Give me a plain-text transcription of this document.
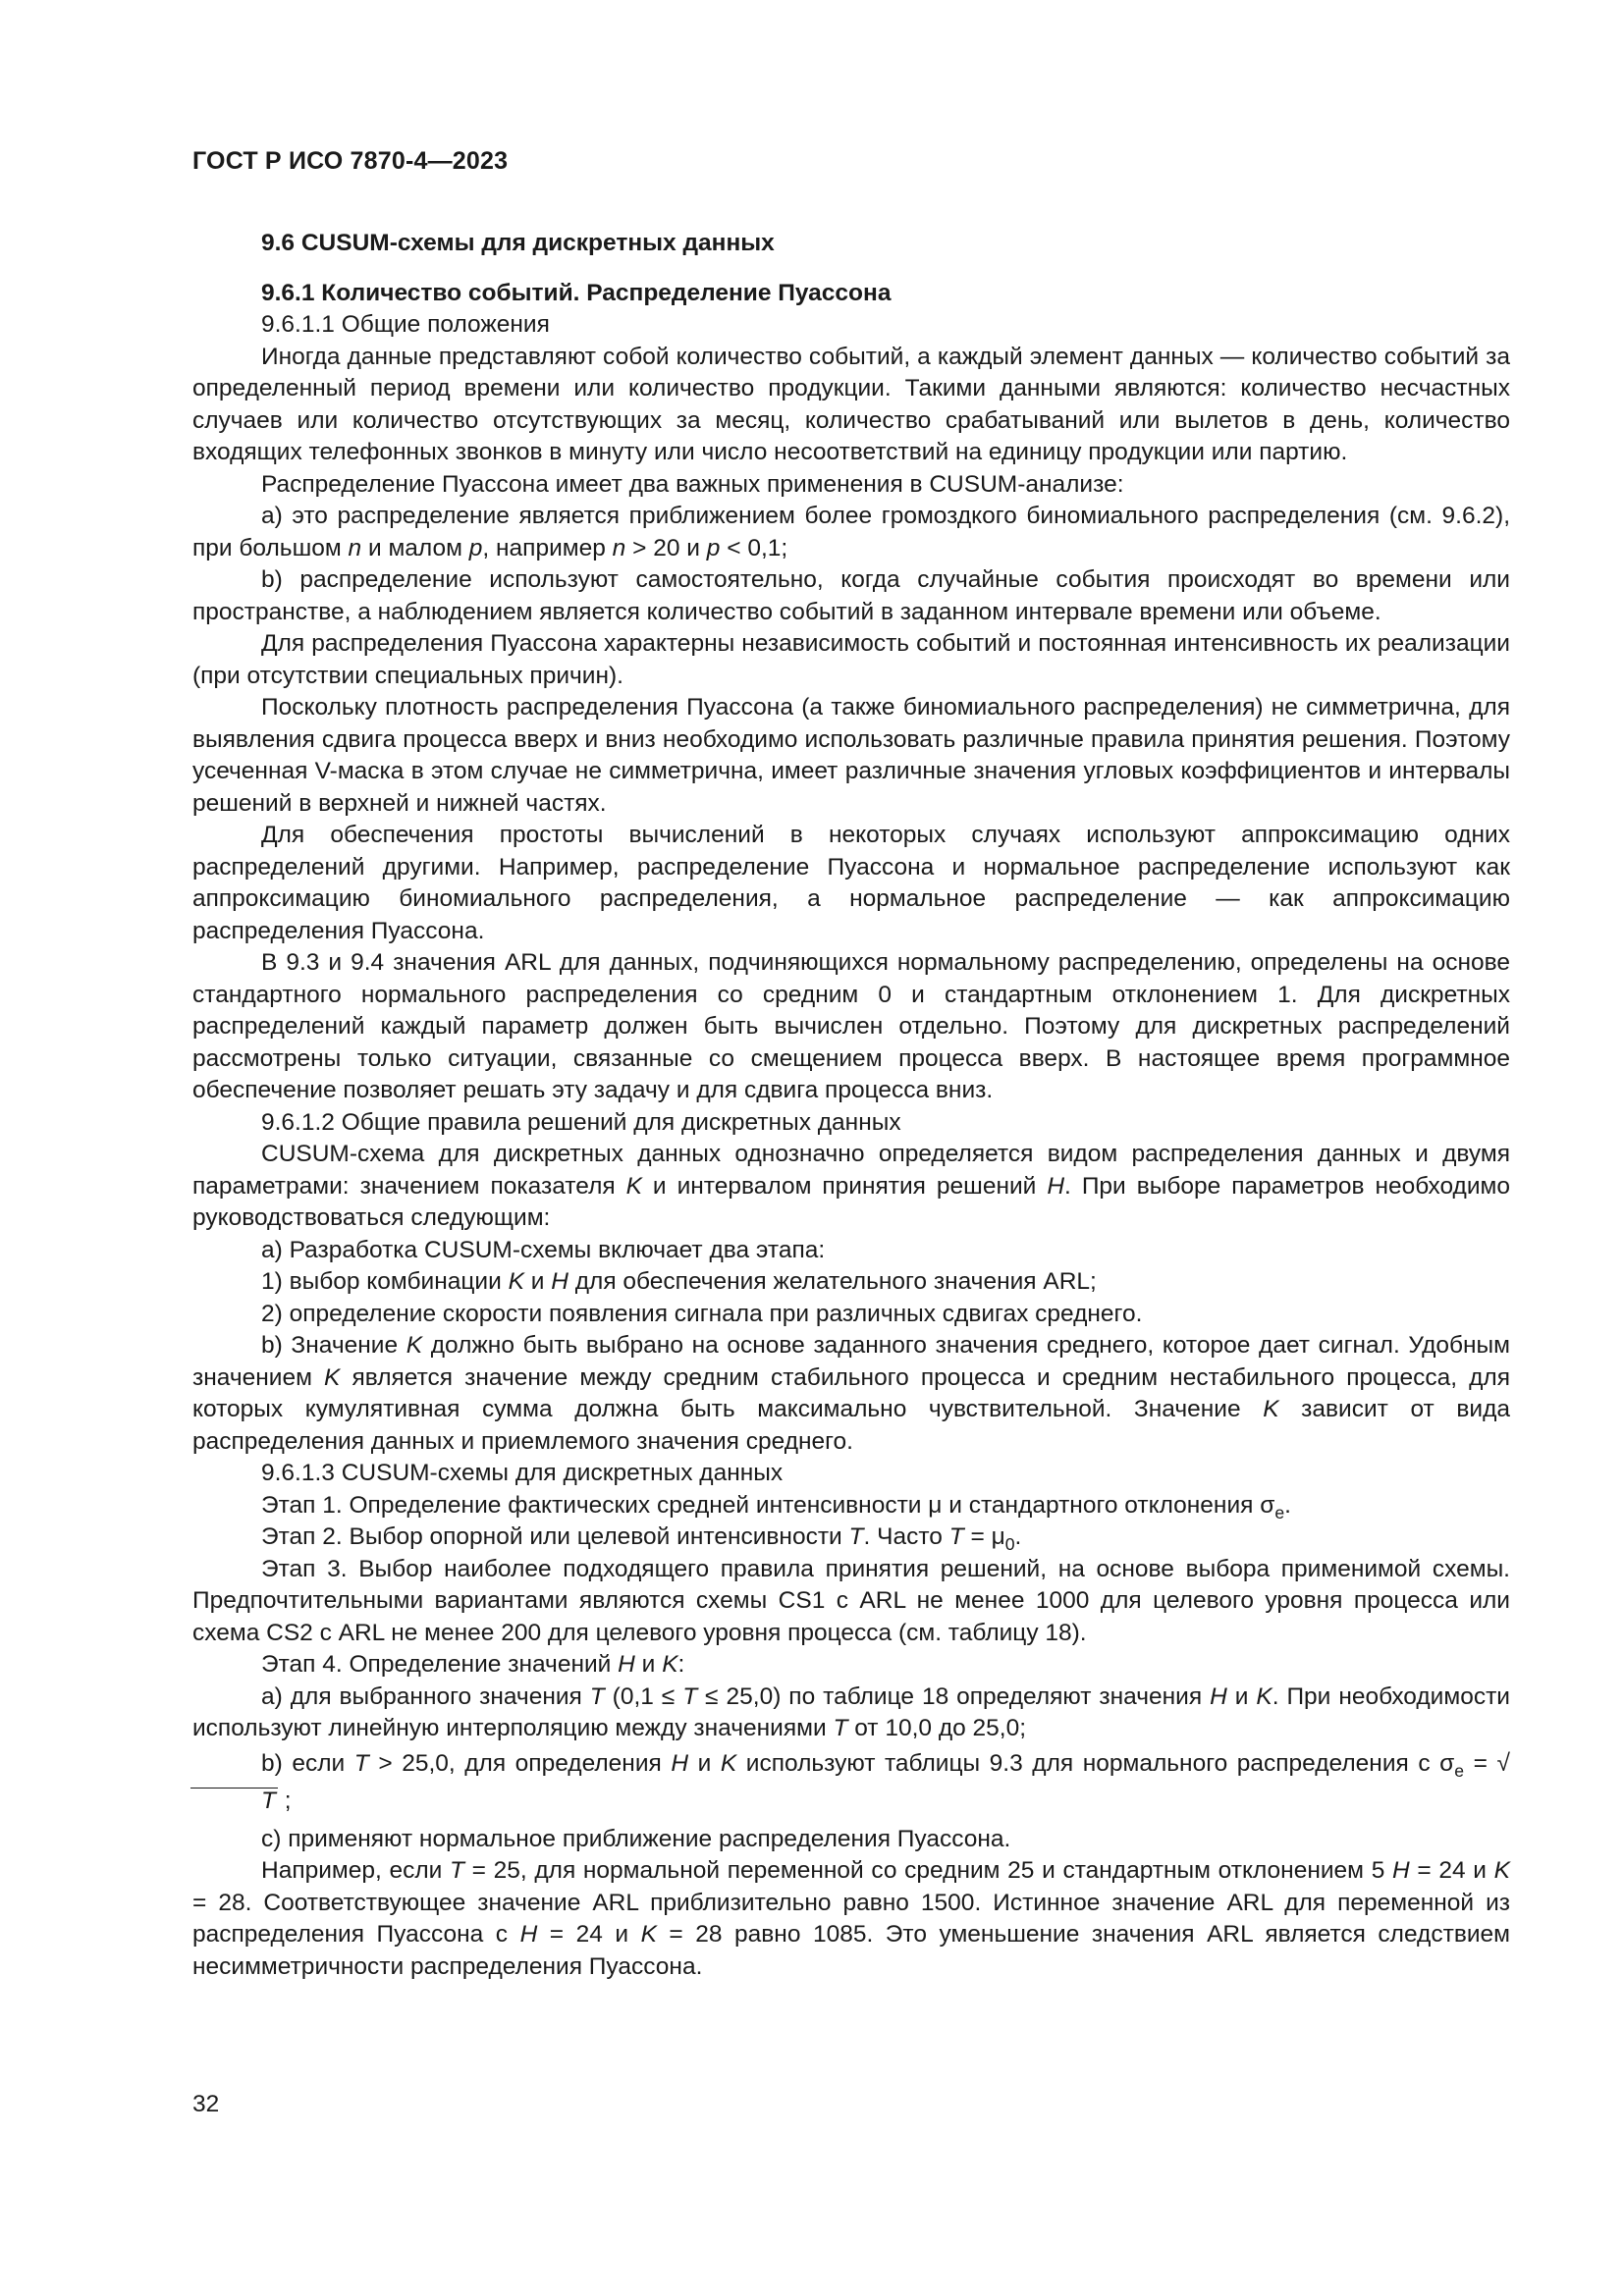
ГОСТ Р ИСО 7870-4—2023

9.6 CUSUM-схемы для дискретных данных

9.6.1 Количество событий. Распределение Пуассона

9.6.1.1 Общие положения

Иногда данные представляют собой количество событий, а каждый элемент данных — количество событий за определенный период времени или количество продукции. Такими данными являются: количество несчастных случаев или количество отсутствующих за месяц, количество срабатываний или вылетов в день, количество входящих телефонных звонков в минуту или число несоответствий на единицу продукции или партию.

Распределение Пуассона имеет два важных применения в CUSUM-анализе:

а) это распределение является приближением более громоздкого биномиального распределения (см. 9.6.2), при большом n и малом p, например n > 20 и p < 0,1;

b) распределение используют самостоятельно, когда случайные события происходят во времени или пространстве, а наблюдением является количество событий в заданном интервале времени или объеме.

Для распределения Пуассона характерны независимость событий и постоянная интенсивность их реализации (при отсутствии специальных причин).

Поскольку плотность распределения Пуассона (а также биномиального распределения) не симметрична, для выявления сдвига процесса вверх и вниз необходимо использовать различные правила принятия решения. Поэтому усеченная V-маска в этом случае не симметрична, имеет различные значения угловых коэффициентов и интервалы решений в верхней и нижней частях.

Для обеспечения простоты вычислений в некоторых случаях используют аппроксимацию одних распределений другими. Например, распределение Пуассона и нормальное распределение используют как аппроксимацию биномиального распределения, а нормальное распределение — как аппроксимацию распределения Пуассона.

В 9.3 и 9.4 значения ARL для данных, подчиняющихся нормальному распределению, определены на основе стандартного нормального распределения со средним 0 и стандартным отклонением 1. Для дискретных распределений каждый параметр должен быть вычислен отдельно. Поэтому для дискретных распределений рассмотрены только ситуации, связанные со смещением процесса вверх. В настоящее время программное обеспечение позволяет решать эту задачу и для сдвига процесса вниз.

9.6.1.2 Общие правила решений для дискретных данных

CUSUM-схема для дискретных данных однозначно определяется видом распределения данных и двумя параметрами: значением показателя K и интервалом принятия решений H. При выборе параметров необходимо руководствоваться следующим:

а) Разработка CUSUM-схемы включает два этапа:

1) выбор комбинации K и H для обеспечения желательного значения ARL;

2) определение скорости появления сигнала при различных сдвигах среднего.

b) Значение K должно быть выбрано на основе заданного значения среднего, которое дает сигнал. Удобным значением K является значение между средним стабильного процесса и средним нестабильного процесса, для которых кумулятивная сумма должна быть максимально чувствительной. Значение K зависит от вида распределения данных и приемлемого значения среднего.

9.6.1.3 CUSUM-схемы для дискретных данных

Этап 1. Определение фактических средней интенсивности μ и стандартного отклонения $\sigma_e$.

Этап 2. Выбор опорной или целевой интенсивности T. Часто $T = \mu_0$.

Этап 3. Выбор наиболее подходящего правила принятия решений, на основе выбора применимой схемы. Предпочтительными вариантами являются схемы CS1 с ARL не менее 1000 для целевого уровня процесса или схема CS2 с ARL не менее 200 для целевого уровня процесса (см. таблицу 18).

Этап 4. Определение значений H и K:

а) для выбранного значения T (0,1 ≤ T ≤ 25,0) по таблице 18 определяют значения H и K. При необходимости используют линейную интерполяцию между значениями T от 10,0 до 25,0;

b) если T > 25,0, для определения H и K используют таблицы 9.3 для нормального распределения с $\sigma_e = √T$ ;

c) применяют нормальное приближение распределения Пуассона.

Например, если T = 25, для нормальной переменной со средним 25 и стандартным отклонением 5 H = 24 и K = 28. Соответствующее значение ARL приблизительно равно 1500. Истинное значение ARL для переменной из распределения Пуассона с H = 24 и K = 28 равно 1085. Это уменьшение значения ARL является следствием несимметричности распределения Пуассона.

32
